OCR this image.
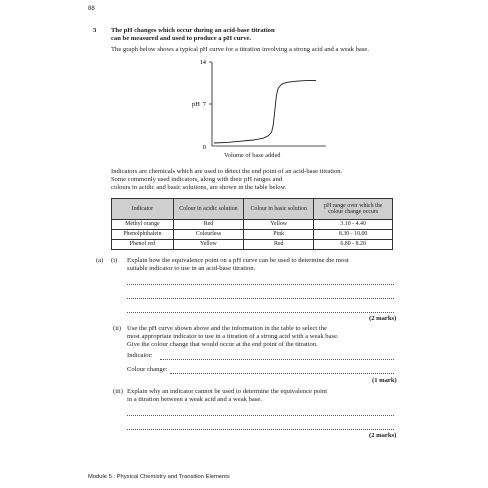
88
3 The pH changes which occur during an acid-base titration
can be measured and used to produce a pH curve.
The graph below shows a typical pH curve for a titration involving a strong acid and a weak base.
14
7
0
pH
Volume of base added
Indicators are chemicals which are used to detect the end point of an acid-base titration.
Some commonly used indicators, along with their pH ranges and
colours in acidic and basic solutions, are shown in the table below.
Indicator	Colour in acidic solution	Colour in basic solution	pH range over which the colour change occurs
Methyl orange	Red	Yellow	3.10 - 4.40
Phenolphthalein	Colourless	Pink	8.30 - 10.00
Phenol red	Yellow	Red	6.80 - 8.20
(a) (i) Explain how the equivalence point on a pH curve can be used to determine the most
suitable indicator to use in an acid-base titration.
(2 marks)
(ii) Use the pH curve shown above and the information in the table to select the
most appropriate indicator to use in a titration of a strong acid with a weak base.
Give the colour change that would occur at the end point of the titration.
Indicator:
Colour change:
(1 mark)
(iii) Explain why an indicator cannot be used to determine the equivalence point
in a titration between a weak acid and a weak base.
(2 marks)
Module 5 : Physical Chemistry and Transition Elements
